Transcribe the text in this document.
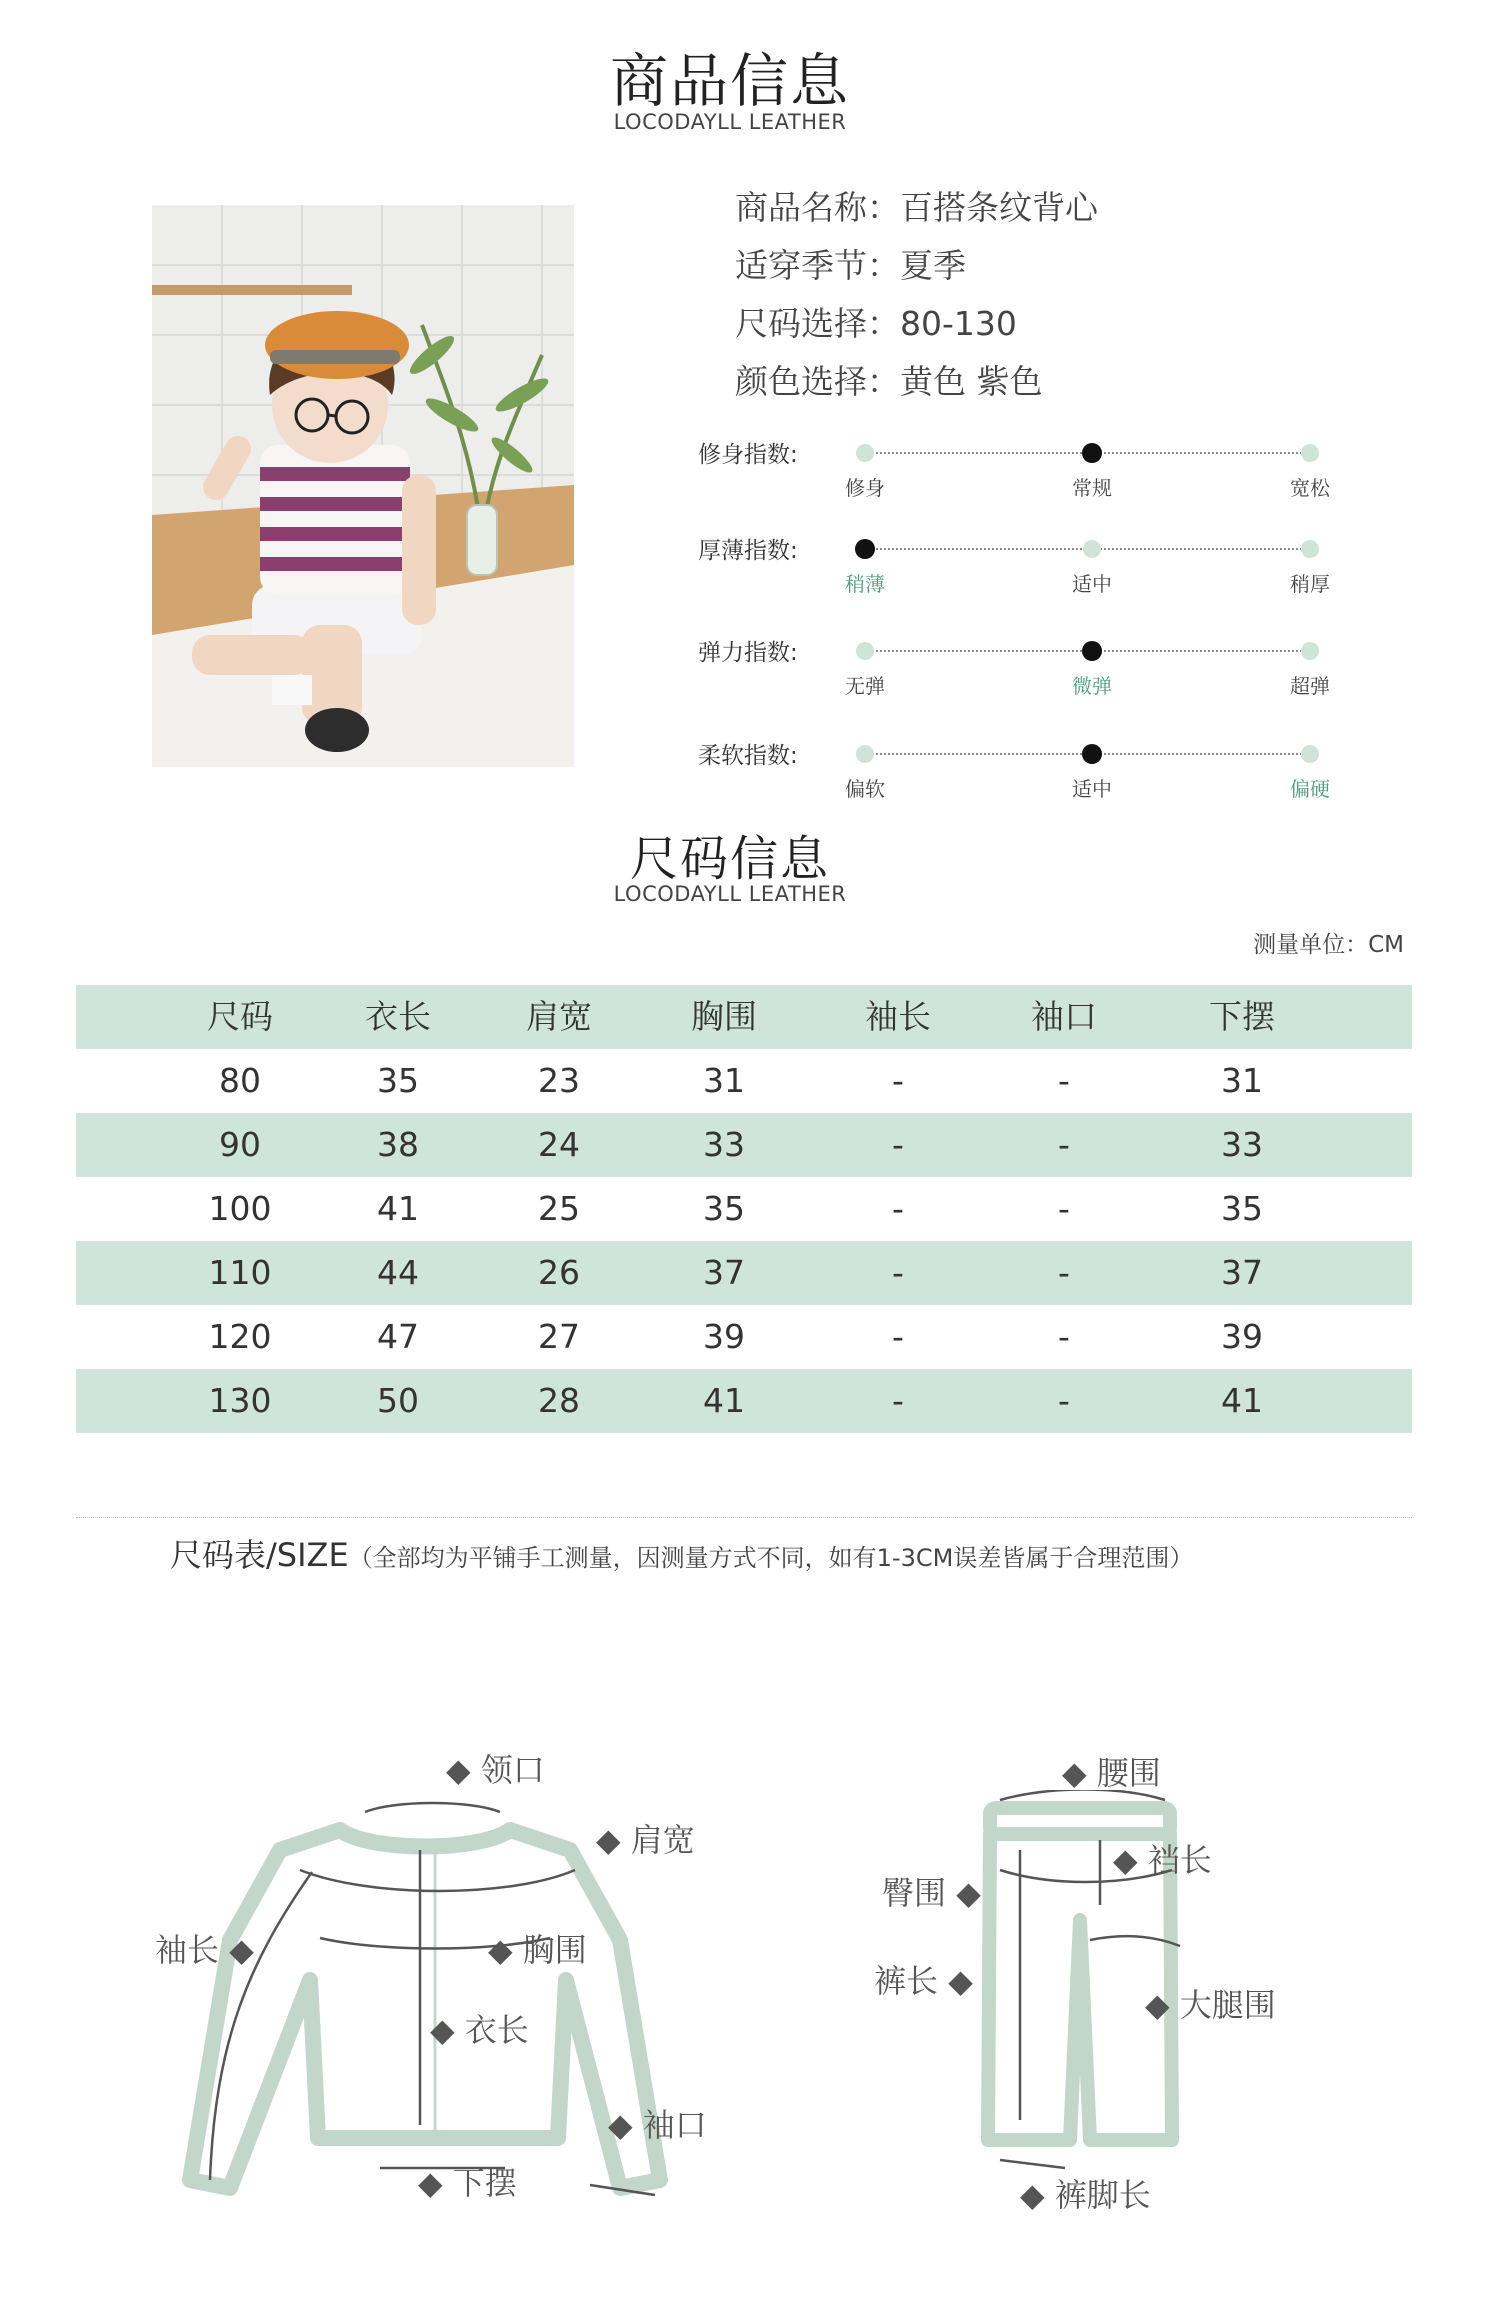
商品信息
LOCODAYLL LEATHER
商品名称：百搭条纹背心
适穿季节：夏季
尺码选择：80-130
颜色选择：黄色 紫色
修身指数:
修身	常规	宽松
厚薄指数:
稍薄	适中	稍厚
弹力指数:
无弹	微弹	超弹
柔软指数:
偏软	适中	偏硬
尺码信息
LOCODAYLL LEATHER
测量单位：CM
尺码	衣长	肩宽	胸围	袖长	袖口	下摆
80	35	23	31	-	-	31
90	38	24	33	-	-	33
100	41	25	35	-	-	35
110	44	26	37	-	-	37
120	47	27	39	-	-	39
130	50	28	41	-	-	41
尺码表/SIZE（全部均为平铺手工测量，因测量方式不同，如有1-3CM误差皆属于合理范围）
◆ 领口
◆ 肩宽
袖长 ◆	◆ 胸围
◆ 衣长
◆ 袖口
◆ 下摆
◆ 腰围
◆ 裆长
臀围 ◆
裤长 ◆
◆ 大腿围
◆ 裤脚长
